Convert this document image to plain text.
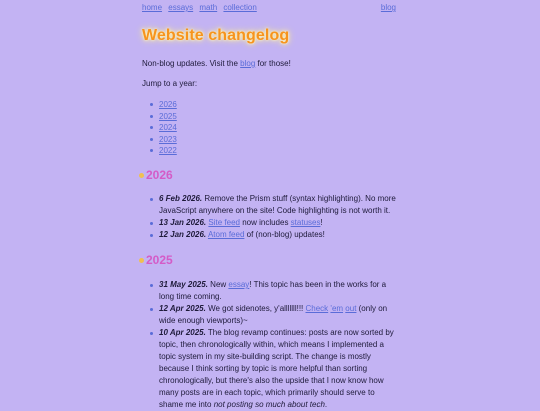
home essays math collection	blog
Website changelog

Non-blog updates. Visit the blog for those!

Jump to a year:

2026
2025
2024
2023
2022
2026
6 Feb 2026. Remove the Prism stuff (syntax highlighting). No more JavaScript anywhere on the site! Code highlighting is not worth it.
13 Jan 2026. Site feed now includes statuses!
12 Jan 2026. Atom feed of (non-blog) updates!
2025
31 May 2025. New essay! This topic has been in the works for a long time coming.
12 Apr 2025. We got sidenotes, y'alllllll!!! Check 'em out (only on wide enough viewports)~
10 Apr 2025. The blog revamp continues: posts are now sorted by topic, then chronologically within, which means I implemented a topic system in my site-building script. The change is mostly because I think sorting by topic is more helpful than sorting chronologically, but there's also the upside that I now know how many posts are in each topic, which primarily should serve to shame me into not posting so much about tech.
